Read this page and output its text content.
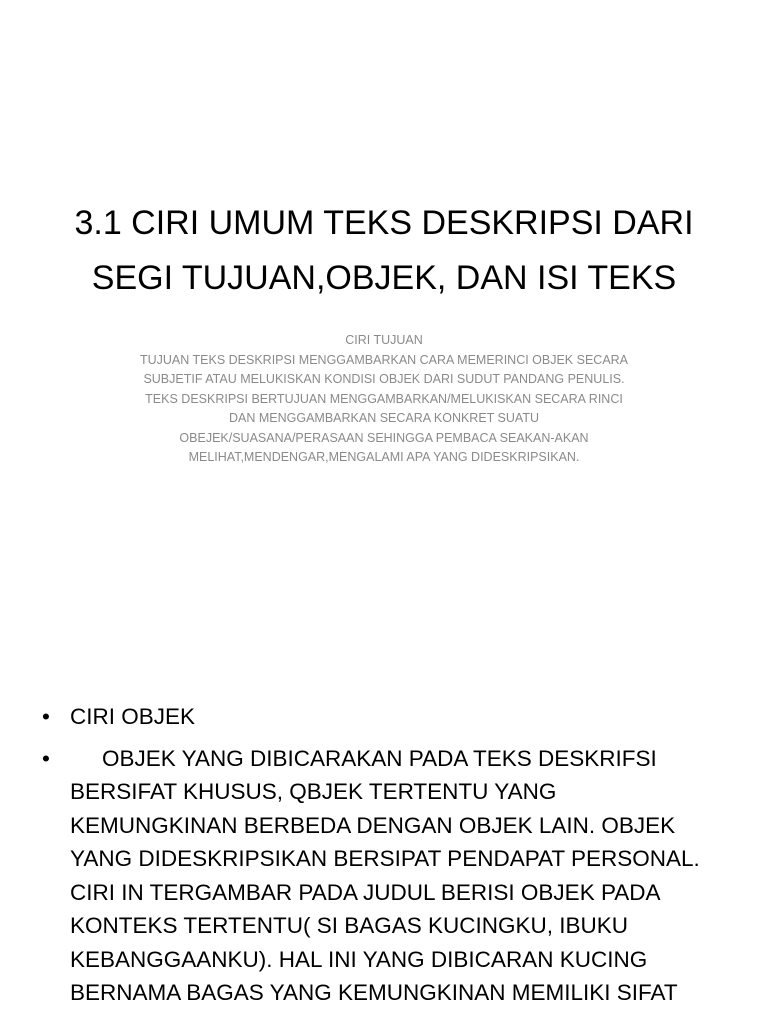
3.1 CIRI UMUM TEKS DESKRIPSI DARI
SEGI TUJUAN,OBJEK, DAN ISI TEKS

CIRI TUJUAN

TUJUAN TEKS DESKRIPSI MENGGAMBARKAN CARA MEMERINCI OBJEK SECARA

SUBJETIF ATAU MELUKISKAN KONDISI OBJEK DARI SUDUT PANDANG PENULIS.

TEKS DESKRIPSI BERTUJUAN MENGGAMBARKAN/MELUKISKAN SECARA RINCI

DAN MENGGAMBARKAN SECARA KONKRET SUATU

OBEJEK/SUASANA/PERASAAN SEHINGGA PEMBACA SEAKAN-AKAN

MELIHAT,MENDENGAR,MENGALAMI APA YANG DIDESKRIPSIKAN.

• CIRI OBJEK
• OBJEK YANG DIBICARAKAN PADA TEKS DESKRIFSI
BERSIFAT KHUSUS, QBJEK TERTENTU YANG
KEMUNGKINAN BERBEDA DENGAN OBJEK LAIN. OBJEK
YANG DIDESKRIPSIKAN BERSIPAT PENDAPAT PERSONAL.
CIRI IN TERGAMBAR PADA JUDUL BERISI OBJEK PADA
KONTEKS TERTENTU( SI BAGAS KUCINGKU, IBUKU
KEBANGGAANKU). HAL INI YANG DIBICARAN KUCING
BERNAMA BAGAS YANG KEMUNGKINAN MEMILIKI SIFAT
